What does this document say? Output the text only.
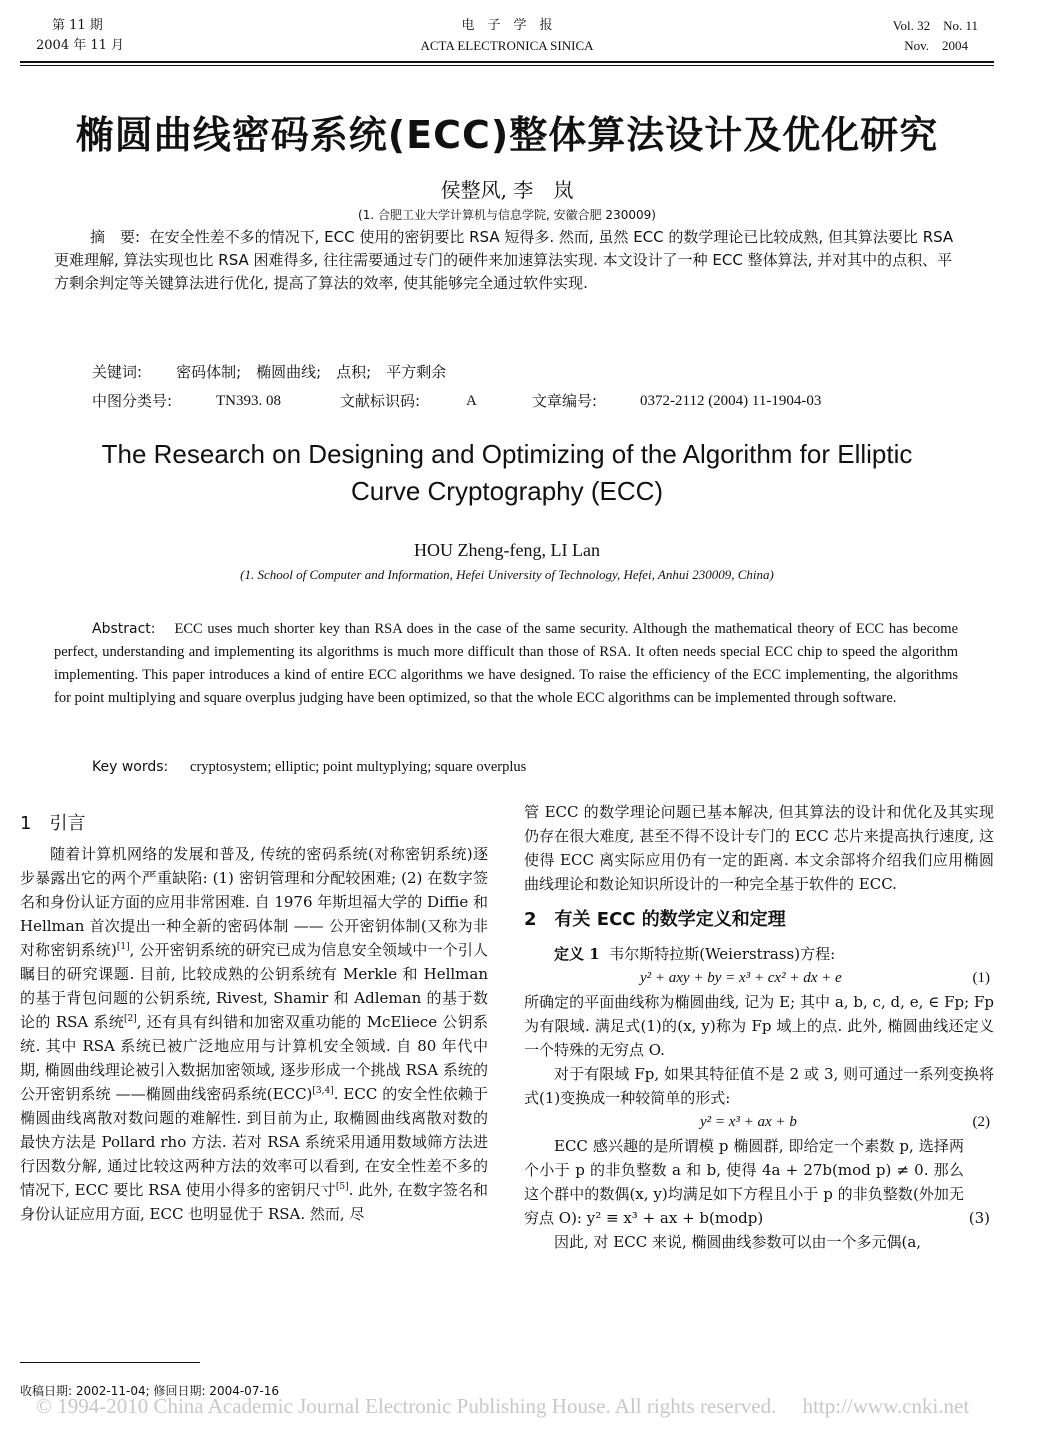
第 11 期
2004 年 11 月
电　子　学　报
ACTA ELECTRONICA SINICA
Vol. 32　No. 11
Nov.　2004
椭圆曲线密码系统(ECC)整体算法设计及优化研究
侯整风, 李　岚
(1. 合肥工业大学计算机与信息学院, 安徽合肥 230009)
摘　要: 在安全性差不多的情况下, ECC 使用的密钥要比 RSA 短得多. 然而, 虽然 ECC 的数学理论已比较成熟, 但其算法要比 RSA 更难理解, 算法实现也比 RSA 困难得多, 往往需要通过专门的硬件来加速算法实现. 本文设计了一种 ECC 整体算法, 并对其中的点积、平方剩余判定等关键算法进行优化, 提高了算法的效率, 使其能够完全通过软件实现.
关键词: 密码体制;　椭圆曲线;　点积;　平方剩余
中图分类号:	TN393. 08	文献标识码:	A	文章编号:	0372-2112 (2004) 11-1904-03
The Research on Designing and Optimizing of the Algorithm for Elliptic
Curve Cryptography (ECC)
HOU Zheng-feng, LI Lan
(1. School of Computer and Information, Hefei University of Technology, Hefei, Anhui 230009, China)
Abstract: ECC uses much shorter key than RSA does in the case of the same security. Although the mathematical theory of ECC has become perfect, understanding and implementing its algorithms is much more difficult than those of RSA. It often needs special ECC chip to speed the algorithm implementing. This paper introduces a kind of entire ECC algorithms we have designed. To raise the efficiency of the ECC implementing, the algorithms for point multiplying and square overplus judging have been optimized, so that the whole ECC algorithms can be implemented through software.
Key words: cryptosystem; elliptic; point multyplying; square overplus
1　引言

随着计算机网络的发展和普及, 传统的密码系统(对称密钥系统)逐步暴露出它的两个严重缺陷: (1) 密钥管理和分配较困难; (2) 在数字签名和身份认证方面的应用非常困难. 自 1976 年斯坦福大学的 Diffie 和 Hellman 首次提出一种全新的密码体制 —— 公开密钥体制(又称为非对称密钥系统)[1], 公开密钥系统的研究已成为信息安全领域中一个引人瞩目的研究课题. 目前, 比较成熟的公钥系统有 Merkle 和 Hellman 的基于背包问题的公钥系统, Rivest, Shamir 和 Adleman 的基于数论的 RSA 系统[2], 还有具有纠错和加密双重功能的 McEliece 公钥系统. 其中 RSA 系统已被广泛地应用与计算机安全领域. 自 80 年代中期, 椭圆曲线理论被引入数据加密领域, 逐步形成一个挑战 RSA 系统的公开密钥系统 ——椭圆曲线密码系统(ECC)[3,4]. ECC 的安全性依赖于椭圆曲线离散对数问题的难解性. 到目前为止, 取椭圆曲线离散对数的最快方法是 Pollard rho 方法. 若对 RSA 系统采用通用数域筛方法进行因数分解, 通过比较这两种方法的效率可以看到, 在安全性差不多的情况下, ECC 要比 RSA 使用小得多的密钥尺寸[5]. 此外, 在数字签名和身份认证应用方面, ECC 也明显优于 RSA. 然而, 尽

管 ECC 的数学理论问题已基本解决, 但其算法的设计和优化及其实现仍存在很大难度, 甚至不得不设计专门的 ECC 芯片来提高执行速度, 这使得 ECC 离实际应用仍有一定的距离. 本文余部将介绍我们应用椭圆曲线理论和数论知识所设计的一种完全基于软件的 ECC.

2　有关 ECC 的数学定义和定理

定义 1 韦尔斯特拉斯(Weierstrass)方程:

y² + axy + by = x³ + cx² + dx + e	(1)

所确定的平面曲线称为椭圆曲线, 记为 E; 其中 a, b, c, d, e, ∈ Fp; Fp 为有限域. 满足式(1)的(x, y)称为 Fp 域上的点. 此外, 椭圆曲线还定义一个特殊的无穷点 O.

对于有限域 Fp, 如果其特征值不是 2 或 3, 则可通过一系列变换将式(1)变换成一种较简单的形式:

y² = x³ + ax + b	(2)

ECC 感兴趣的是所谓模 p 椭圆群, 即给定一个素数 p, 选择两个小于 p 的非负整数 a 和 b, 使得 4a + 27b(mod p) ≠ 0. 那么这个群中的数偶(x, y)均满足如下方程且小于 p 的非负整数(外加无穷点 O): y² ≡ x³ + ax + b(modp)	(3)

因此, 对 ECC 来说, 椭圆曲线参数可以由一个多元偶(a,

收稿日期: 2002-11-04; 修回日期: 2004-07-16
© 1994-2010 China Academic Journal Electronic Publishing House. All rights reserved.　 http://www.cnki.net
